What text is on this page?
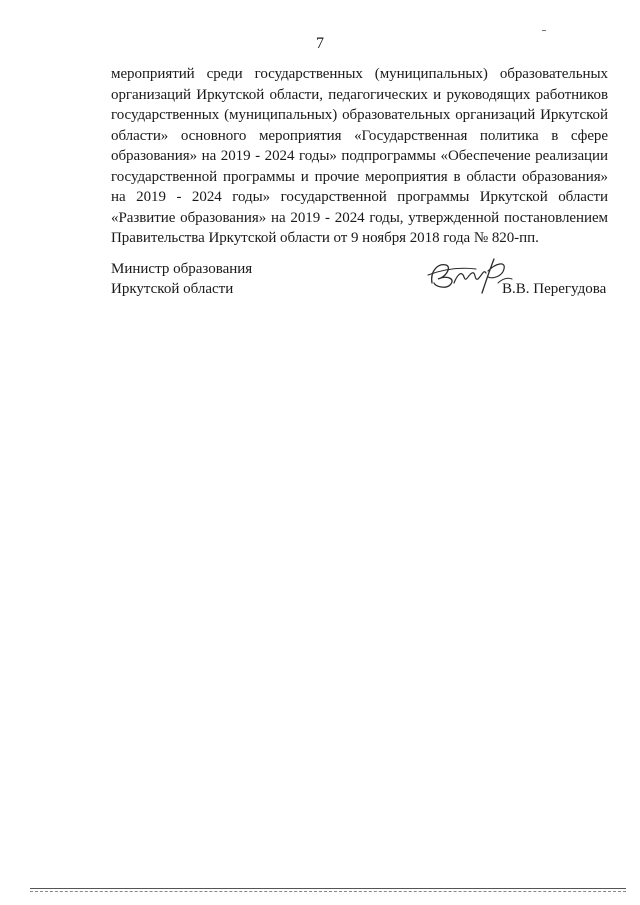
7

мероприятий среди государственных (муниципальных) образовательных организаций Иркутской области, педагогических и руководящих работников государственных (муниципальных) образовательных организаций Иркутской области» основного мероприятия «Государственная политика в сфере образования» на 2019 - 2024 годы» подпрограммы «Обеспечение реализации государственной программы и прочие мероприятия в области образования» на 2019 - 2024 годы» государственной программы Иркутской области «Развитие образования» на 2019 - 2024 годы, утвержденной постановлением Правительства Иркутской области от 9 ноября 2018 года № 820-пп.

Министр образования
Иркутской области	В.В. Перегудова
